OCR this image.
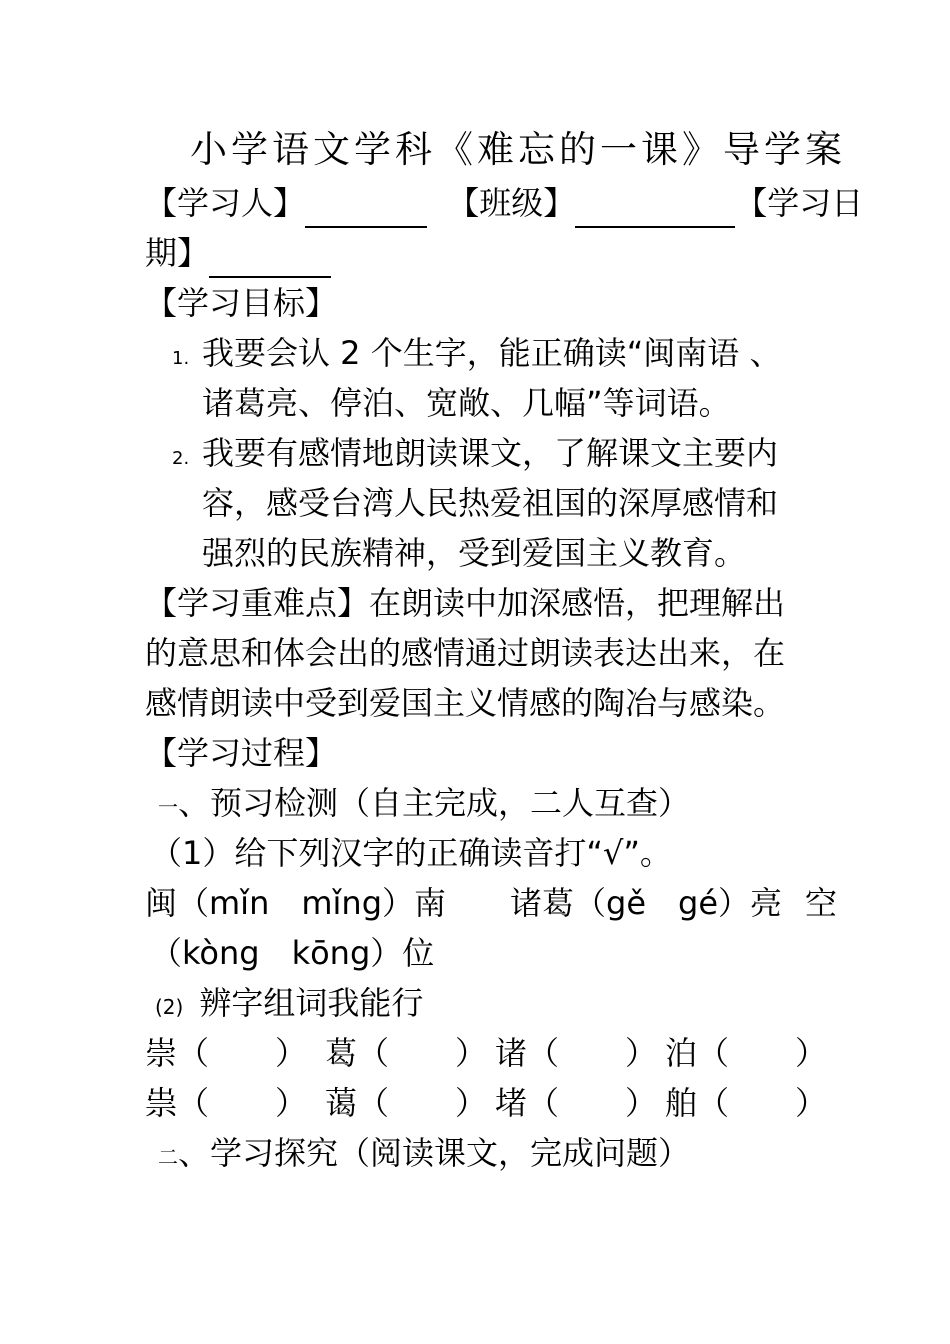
小学语文学科《难忘的一课》导学案
【学习人】	【班级】	【学习日
期】
【学习目标】
1. 我要会认 2 个生字，能正确读“闽南语 、
诸葛亮、停泊、宽敞、几幅”等词语。
2. 我要有感情地朗读课文，了解课文主要内
容，感受台湾人民热爱祖国的深厚感情和
强烈的民族精神，受到爱国主义教育。
【学习重难点】在朗读中加深感悟，把理解出
的意思和体会出的感情通过朗读表达出来，在
感情朗读中受到爱国主义情感的陶冶与感染。
【学习过程】
一、预习检测（自主完成，二人互查）
（1）给下列汉字的正确读音打“√”。
闽（mǐn　mǐng）南 诸葛（gě　gé）亮 空
（kòng　kōng）位
(2) 辨字组词我能行
崇（ ） 葛（ ） 诸（ ） 泊（ ）
祟（ ） 蔼（ ） 堵（ ） 舶（ ）
二、学习探究（阅读课文，完成问题）
